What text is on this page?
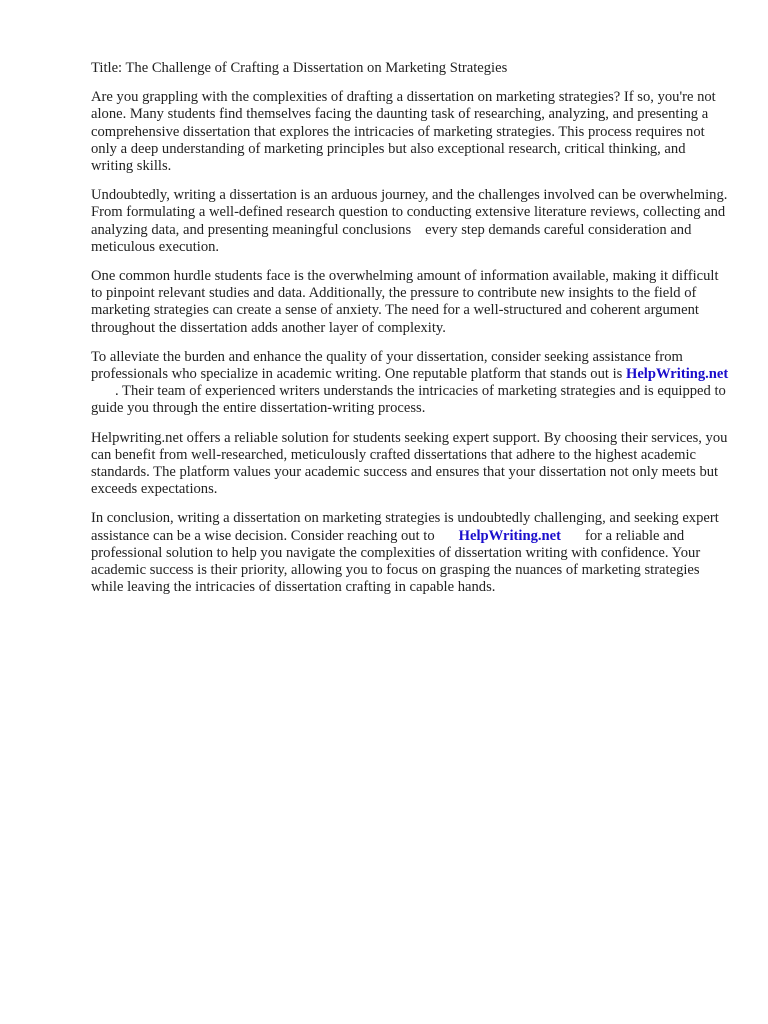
Title: The Challenge of Crafting a Dissertation on Marketing Strategies

Are you grappling with the complexities of drafting a dissertation on marketing strategies? If so, you're not alone. Many students find themselves facing the daunting task of researching, analyzing, and presenting a comprehensive dissertation that explores the intricacies of marketing strategies. This process requires not only a deep understanding of marketing principles but also exceptional research, critical thinking, and writing skills.

Undoubtedly, writing a dissertation is an arduous journey, and the challenges involved can be overwhelming. From formulating a well-defined research question to conducting extensive literature reviews, collecting and analyzing data, and presenting meaningful conclusions every step demands careful consideration and meticulous execution.

One common hurdle students face is the overwhelming amount of information available, making it difficult to pinpoint relevant studies and data. Additionally, the pressure to contribute new insights to the field of marketing strategies can create a sense of anxiety. The need for a well-structured and coherent argument throughout the dissertation adds another layer of complexity.

To alleviate the burden and enhance the quality of your dissertation, consider seeking assistance from professionals who specialize in academic writing. One reputable platform that stands out is HelpWriting.net. Their team of experienced writers understands the intricacies of marketing strategies and is equipped to guide you through the entire dissertation-writing process.

Helpwriting.net offers a reliable solution for students seeking expert support. By choosing their services, you can benefit from well-researched, meticulously crafted dissertations that adhere to the highest academic standards. The platform values your academic success and ensures that your dissertation not only meets but exceeds expectations.

In conclusion, writing a dissertation on marketing strategies is undoubtedly challenging, and seeking expert assistance can be a wise decision. Consider reaching out to HelpWriting.net for a reliable and professional solution to help you navigate the complexities of dissertation writing with confidence. Your academic success is their priority, allowing you to focus on grasping the nuances of marketing strategies while leaving the intricacies of dissertation crafting in capable hands.
